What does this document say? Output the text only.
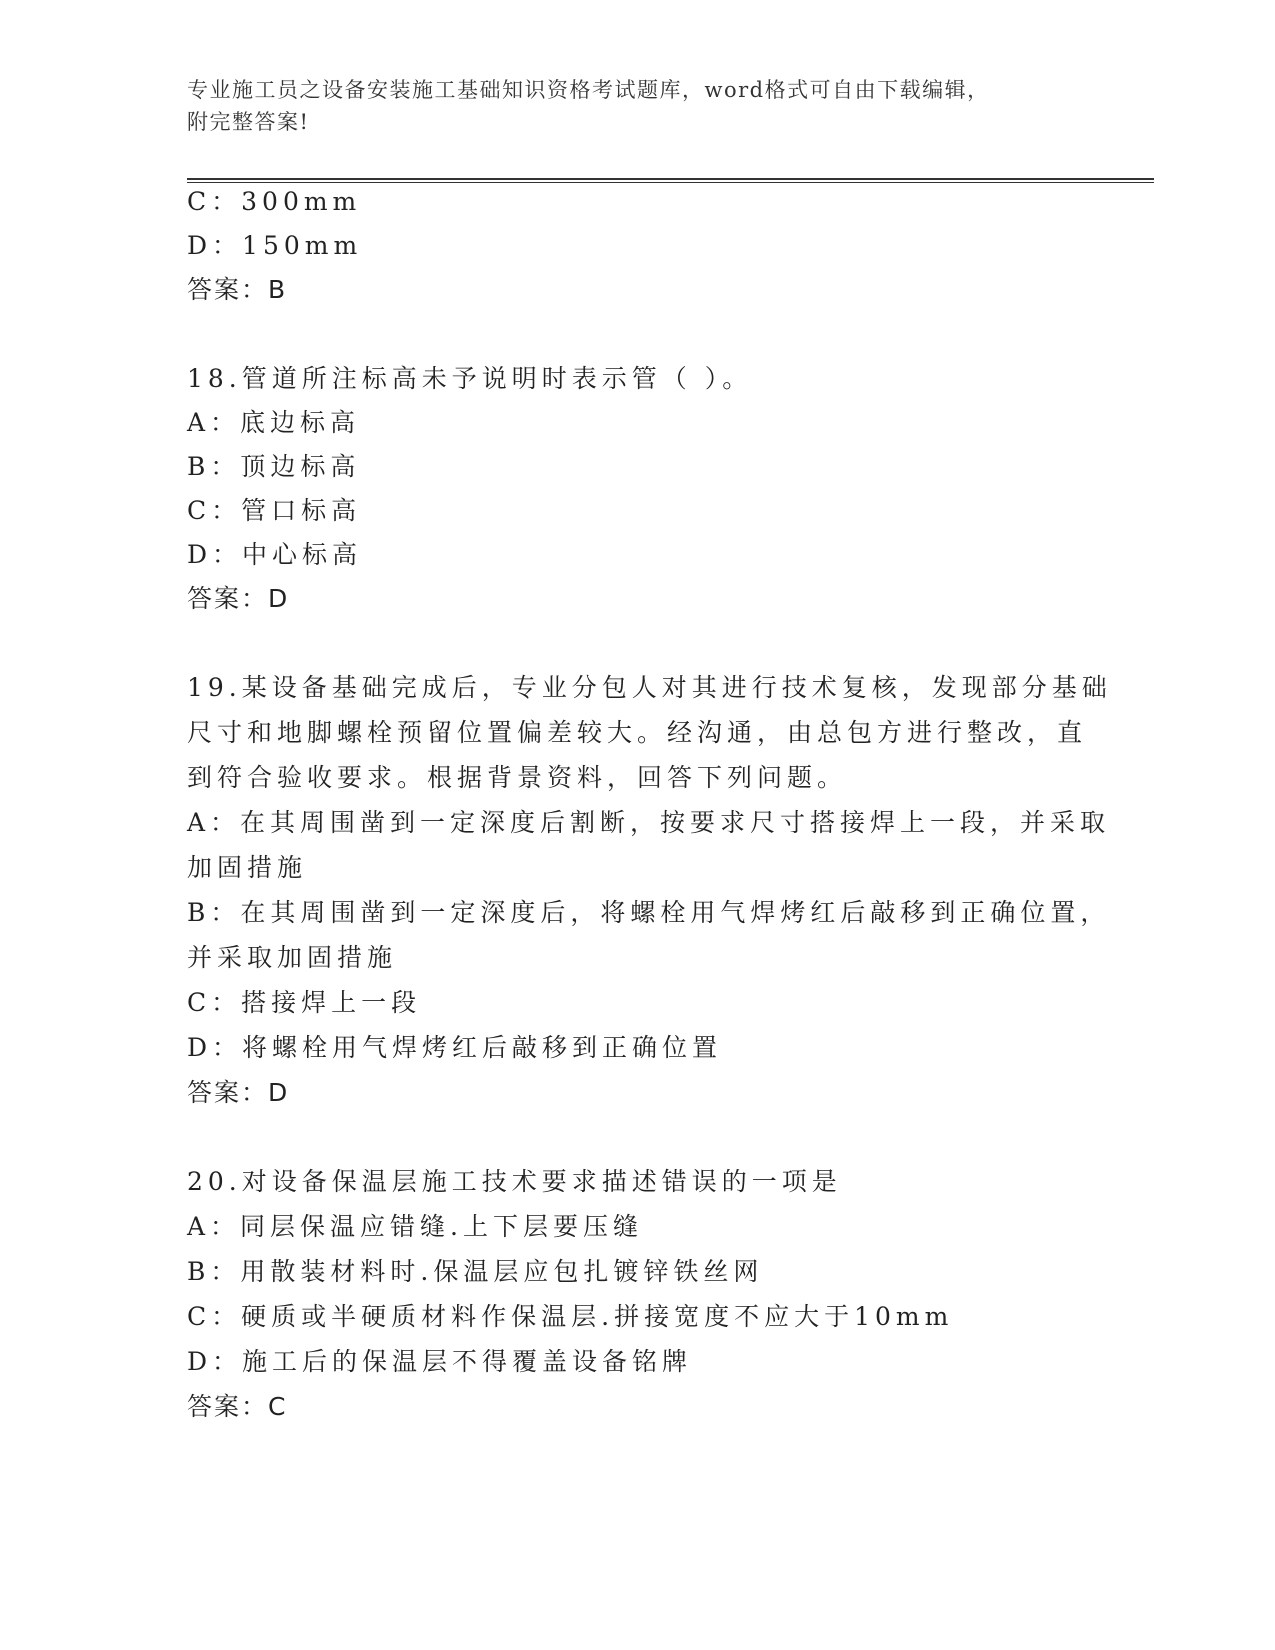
专业施工员之设备安装施工基础知识资格考试题库，word格式可自由下载编辑，
附完整答案!
C：300mm
D：150mm
答案：B
18.管道所注标高未予说明时表示管（ ）。
A：底边标高
B：顶边标高
C：管口标高
D：中心标高
答案：D
19.某设备基础完成后，专业分包人对其进行技术复核，发现部分基础
尺寸和地脚螺栓预留位置偏差较大。经沟通，由总包方进行整改，直
到符合验收要求。根据背景资料，回答下列问题。
A：在其周围凿到一定深度后割断，按要求尺寸搭接焊上一段，并采取
加固措施
B：在其周围凿到一定深度后，将螺栓用气焊烤红后敲移到正确位置，
并采取加固措施
C：搭接焊上一段
D：将螺栓用气焊烤红后敲移到正确位置
答案：D
20.对设备保温层施工技术要求描述错误的一项是
A：同层保温应错缝.上下层要压缝
B：用散装材料时.保温层应包扎镀锌铁丝网
C：硬质或半硬质材料作保温层.拼接宽度不应大于10mm
D：施工后的保温层不得覆盖设备铭牌
答案：C
